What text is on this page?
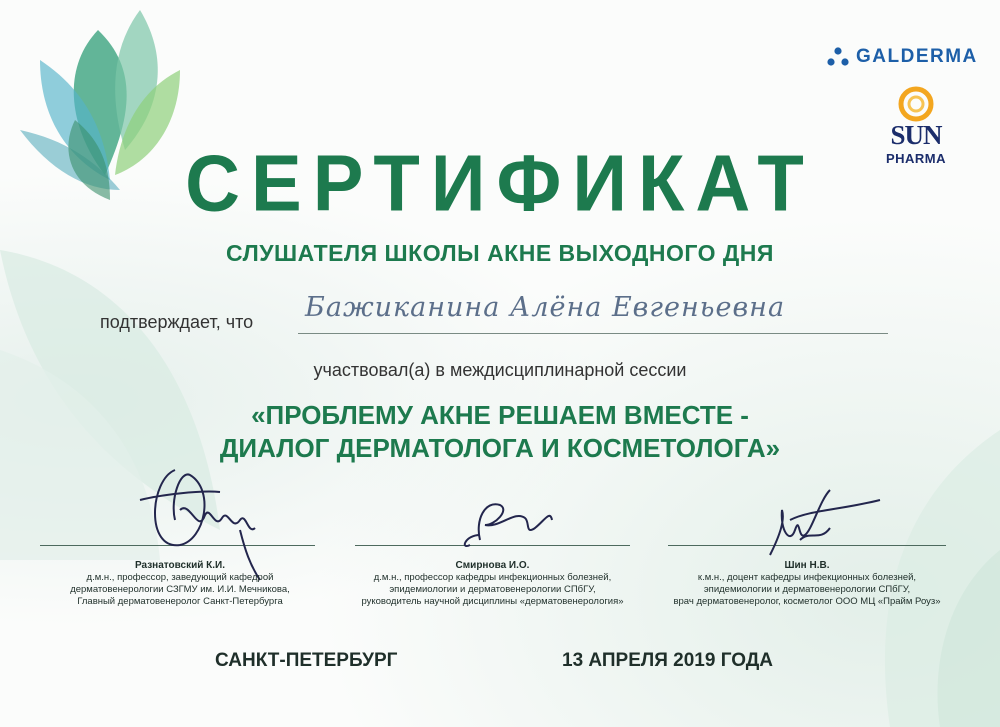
GALDERMA
SUN
PHARMA
СЕРТИФИКАТ
СЛУШАТЕЛЯ ШКОЛЫ АКНЕ ВЫХОДНОГО ДНЯ
подтверждает, что Бажиканина Алёна Евгеньевна
участвовал(а) в междисциплинарной сессии
«ПРОБЛЕМУ АКНЕ РЕШАЕМ ВМЕСТЕ -
ДИАЛОГ ДЕРМАТОЛОГА И КОСМЕТОЛОГА»
Разнатовский К.И.
д.м.н., профессор, заведующий кафедрой
дерматовенерологии СЗГМУ им. И.И. Мечникова,
Главный дерматовенеролог Санкт-Петербурга
Смирнова И.О.
д.м.н., профессор кафедры инфекционных болезней,
эпидемиологии и дерматовенерологии СПбГУ,
руководитель научной дисциплины «дерматовенерология»
Шин Н.В.
к.м.н., доцент кафедры инфекционных болезней,
эпидемиологии и дерматовенерологии СПбГУ,
врач дерматовенеролог, косметолог ООО МЦ «Прайм Роуз»
САНКТ-ПЕТЕРБУРГ	13 АПРЕЛЯ 2019 ГОДА
